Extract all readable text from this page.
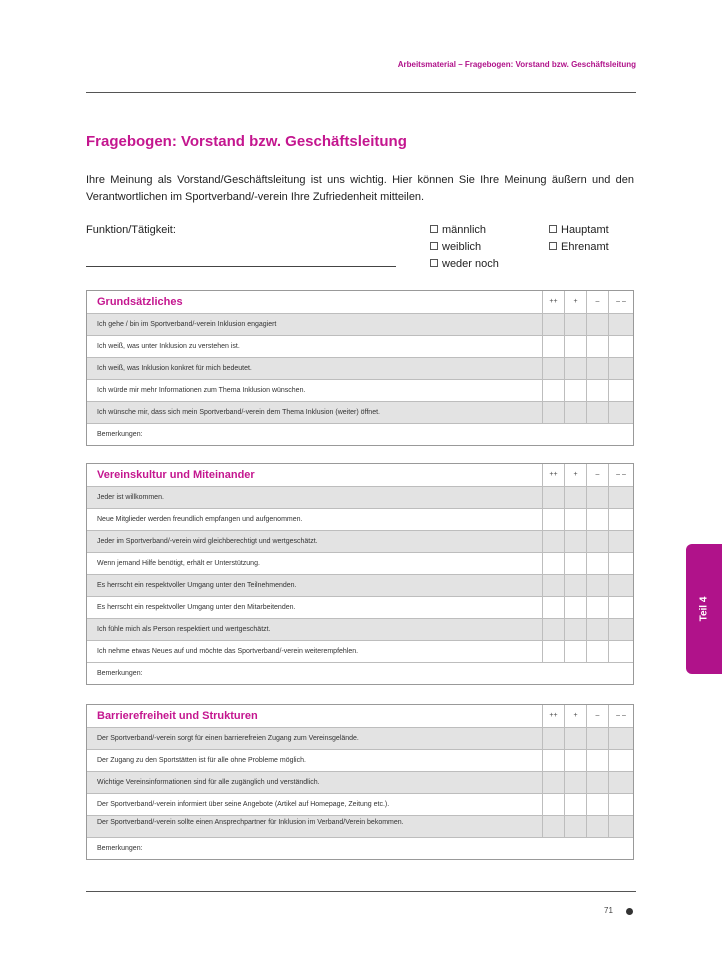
Arbeitsmaterial – Fragebogen: Vorstand bzw. Geschäftsleitung
Fragebogen: Vorstand bzw. Geschäftsleitung

Ihre Meinung als Vorstand/Geschäftsleitung ist uns wichtig. Hier können Sie Ihre Meinung äußern und den Verantwortlichen im Sportverband/-verein Ihre Zufriedenheit mitteilen.

Funktion/Tätigkeit:	männlich
weiblich
weder noch
Hauptamt
Ehrenamt
Grundsätzliches	++	+	–	– –
Ich gehe / bin im Sportverband/-verein Inklusion engagiert
Ich weiß, was unter Inklusion zu verstehen ist.
Ich weiß, was Inklusion konkret für mich bedeutet.
Ich würde mir mehr Informationen zum Thema Inklusion wünschen.
Ich wünsche mir, dass sich mein Sportverband/-verein dem Thema Inklusion (weiter) öffnet.
Bemerkungen:
Vereinskultur und Miteinander	++	+	–	– –
Jeder ist willkommen.
Neue Mitglieder werden freundlich empfangen und aufgenommen.
Jeder im Sportverband/-verein wird gleichberechtigt und wertgeschätzt.
Wenn jemand Hilfe benötigt, erhält er Unterstützung.
Es herrscht ein respektvoller Umgang unter den Teilnehmenden.
Es herrscht ein respektvoller Umgang unter den Mitarbeitenden.
Ich fühle mich als Person respektiert und wertgeschätzt.
Ich nehme etwas Neues auf und möchte das Sportverband/-verein weiterempfehlen.
Bemerkungen:
Barrierefreiheit und Strukturen	++	+	–	– –
Der Sportverband/-verein sorgt für einen barrierefreien Zugang zum Vereinsgelände.
Der Zugang zu den Sportstätten ist für alle ohne Probleme möglich.
Wichtige Vereinsinformationen sind für alle zugänglich und verständlich.
Der Sportverband/-verein informiert über seine Angebote (Artikel auf Homepage, Zeitung etc.).
Der Sportverband/-verein sollte einen Ansprechpartner für Inklusion im Verband/Verein bekommen.
Bemerkungen:
Teil 4
71
